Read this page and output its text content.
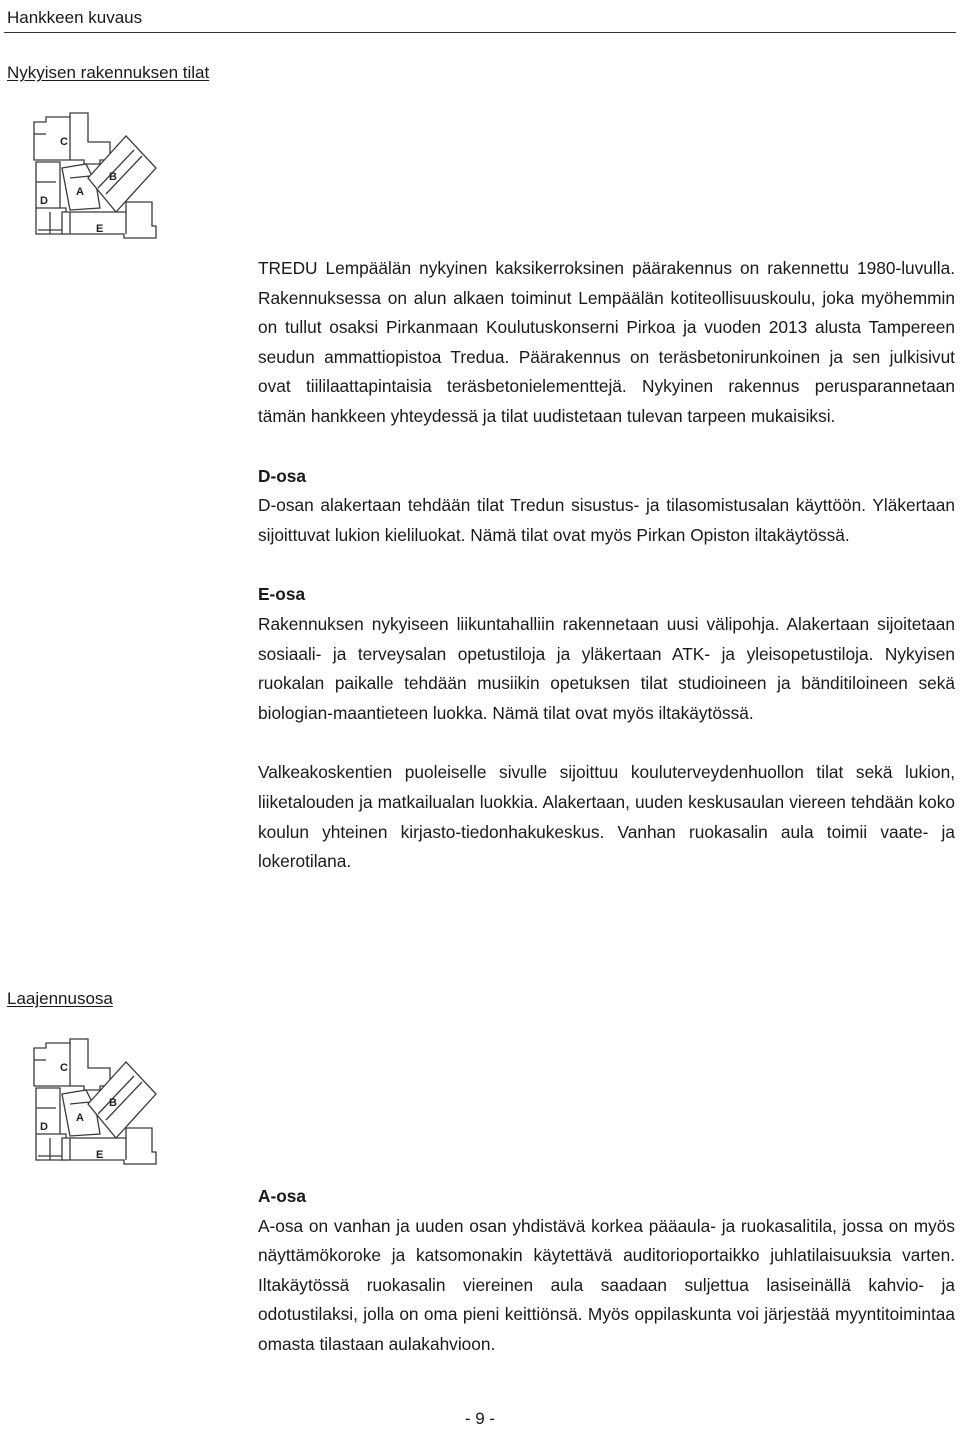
Hankkeen kuvaus
Nykyisen rakennuksen tilat
C
B
A
D
E

TREDU Lempäälän nykyinen kaksikerroksinen päärakennus on rakennettu 1980-luvulla. Rakennuksessa on alun alkaen toiminut Lempäälän kotiteollisuuskoulu, joka myöhemmin on tullut osaksi Pirkanmaan Koulutuskonserni Pirkoa ja vuoden 2013 alusta Tampereen seudun ammattiopistoa Tredua. Päärakennus on teräsbetonirunkoinen ja sen julkisivut ovat tiililaattapintaisia teräsbetonielementtejä. Nykyinen rakennus perusparannetaan tämän hankkeen yhteydessä ja tilat uudistetaan tulevan tarpeen mukaisiksi.

D-osa

D-osan alakertaan tehdään tilat Tredun sisustus- ja tilasomistusalan käyttöön. Yläkertaan sijoittuvat lukion kieliluokat. Nämä tilat ovat myös Pirkan Opiston iltakäytössä.

E-osa

Rakennuksen nykyiseen liikuntahalliin rakennetaan uusi välipohja. Alakertaan sijoitetaan sosiaali- ja terveysalan opetustiloja ja yläkertaan ATK- ja yleisopetustiloja. Nykyisen ruokalan paikalle tehdään musiikin opetuksen tilat studioineen ja bänditiloineen sekä biologian-maantieteen luokka. Nämä tilat ovat myös iltakäytössä.

Valkeakoskentien puoleiselle sivulle sijoittuu kouluterveydenhuollon tilat sekä lukion, liiketalouden ja matkailualan luokkia. Alakertaan, uuden keskusaulan viereen tehdään koko koulun yhteinen kirjasto-tiedonhakukeskus. Vanhan ruokasalin aula toimii vaate- ja lokerotilana.

Laajennusosa
C
B
A
D
E

A-osa

A-osa on vanhan ja uuden osan yhdistävä korkea pääaula- ja ruokasalitila, jossa on myös näyttämökoroke ja katsomonakin käytettävä auditorioportaikko juhlatilaisuuksia varten. Iltakäytössä ruokasalin viereinen aula saadaan suljettua lasiseinällä kahvio- ja odotustilaksi, jolla on oma pieni keittiönsä. Myös oppilaskunta voi järjestää myyntitoimintaa omasta tilastaan aulakahvioon.

- 9 -
